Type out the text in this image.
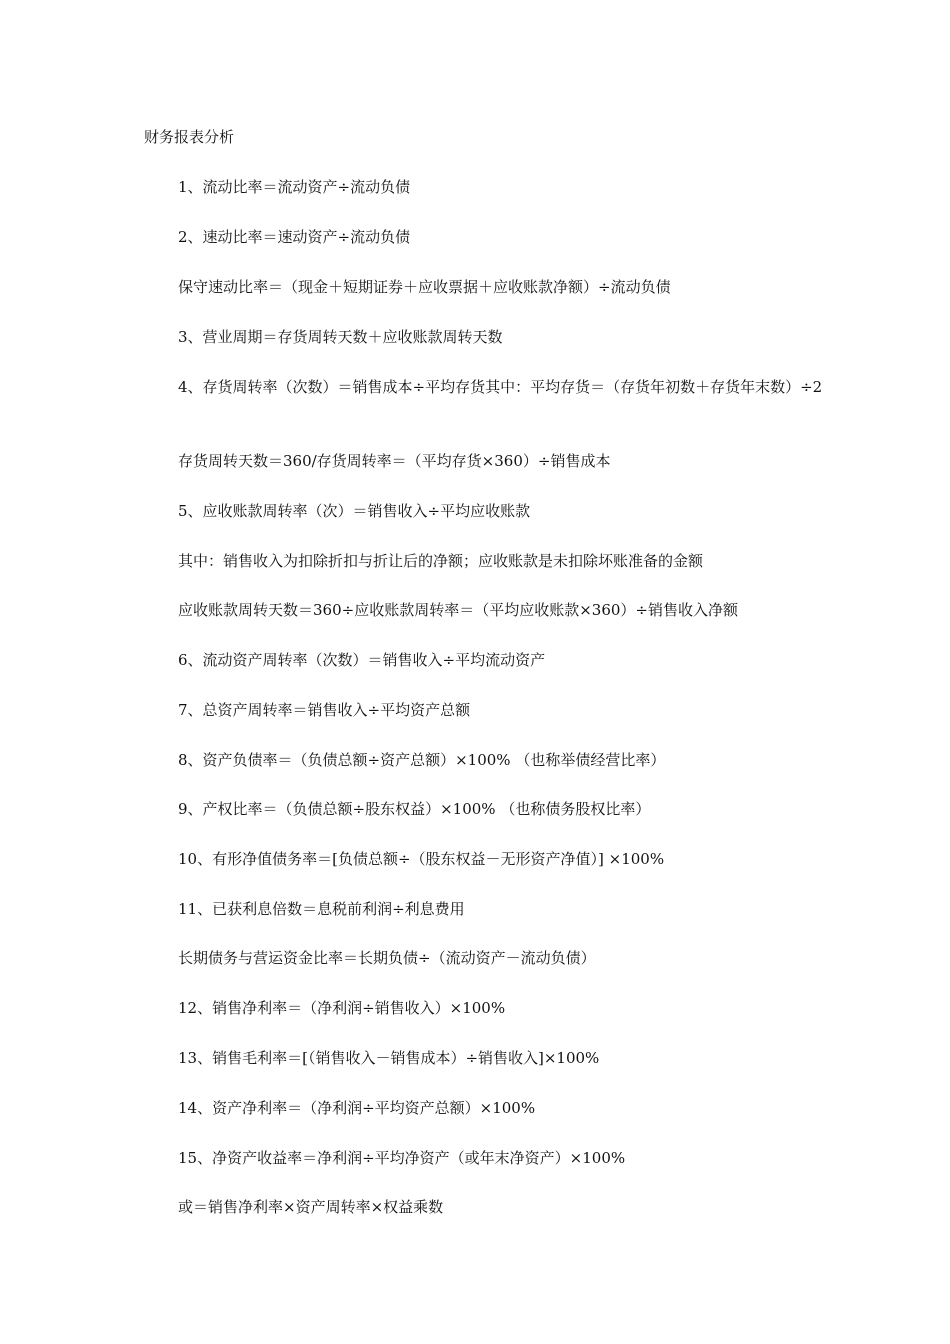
财务报表分析
1、流动比率＝流动资产÷流动负债
2、速动比率＝速动资产÷流动负债
保守速动比率＝（现金＋短期证券＋应收票据＋应收账款净额）÷流动负债
3、营业周期＝存货周转天数＋应收账款周转天数
4、存货周转率（次数）＝销售成本÷平均存货其中：平均存货＝（存货年初数＋存货年末数）÷2
存货周转天数＝360/存货周转率＝（平均存货×360）÷销售成本
5、应收账款周转率（次）＝销售收入÷平均应收账款
其中：销售收入为扣除折扣与折让后的净额；应收账款是未扣除坏账准备的金额
应收账款周转天数＝360÷应收账款周转率＝（平均应收账款×360）÷销售收入净额
6、流动资产周转率（次数）＝销售收入÷平均流动资产
7、总资产周转率＝销售收入÷平均资产总额
8、资产负债率＝（负债总额÷资产总额）×100% （也称举债经营比率）
9、产权比率＝（负债总额÷股东权益）×100% （也称债务股权比率）
10、有形净值债务率＝[负债总额÷（股东权益－无形资产净值）] ×100%
11、已获利息倍数＝息税前利润÷利息费用
长期债务与营运资金比率＝长期负债÷（流动资产－流动负债）
12、销售净利率＝（净利润÷销售收入）×100%
13、销售毛利率＝[（销售收入－销售成本）÷销售收入]×100%
14、资产净利率＝（净利润÷平均资产总额）×100%
15、净资产收益率＝净利润÷平均净资产（或年末净资产）×100%
或＝销售净利率×资产周转率×权益乘数
